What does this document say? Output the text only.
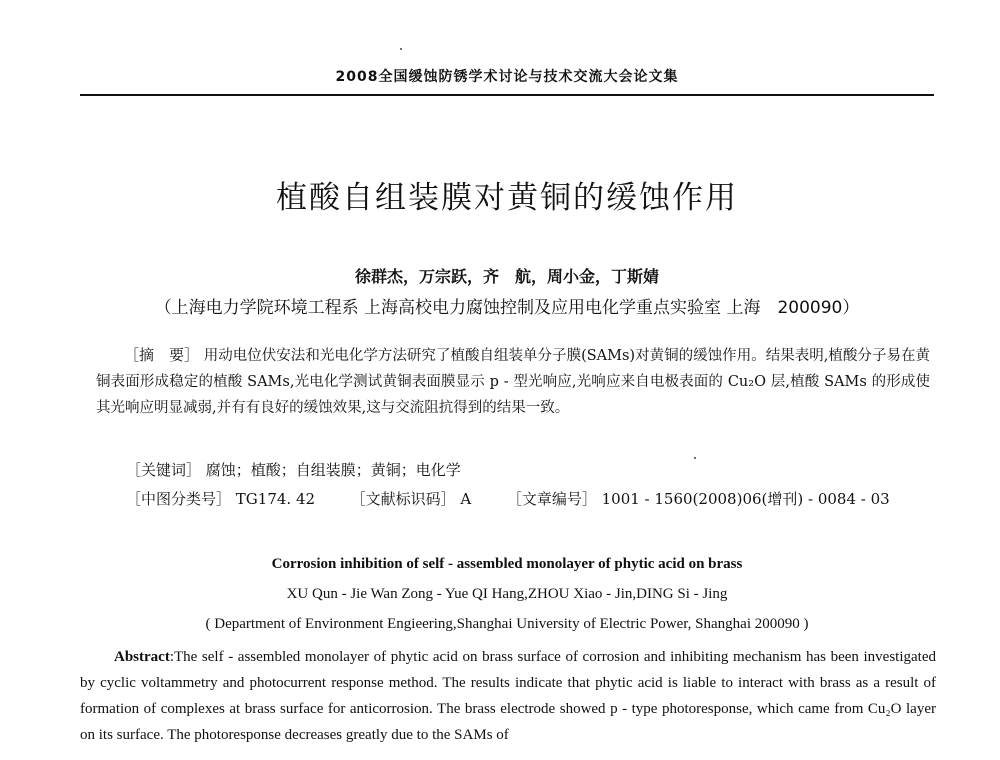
2008全国缓蚀防锈学术讨论与技术交流大会论文集
植酸自组装膜对黄铜的缓蚀作用
徐群杰，万宗跃，齐　航，周小金，丁斯婧
（上海电力学院环境工程系 上海高校电力腐蚀控制及应用电化学重点实验室 上海　200090）
［摘　要］ 用动电位伏安法和光电化学方法研究了植酸自组装单分子膜(SAMs)对黄铜的缓蚀作用。结果表明,植酸分子易在黄铜表面形成稳定的植酸 SAMs,光电化学测试黄铜表面膜显示 p - 型光响应,光响应来自电极表面的 Cu₂O 层,植酸 SAMs 的形成使其光响应明显减弱,并有有良好的缓蚀效果,这与交流阻抗得到的结果一致。
［关键词］ 腐蚀；植酸；自组装膜；黄铜；电化学
［中图分类号］ TG174. 42 ［文献标识码］ A ［文章编号］ 1001 - 1560(2008)06(增刊) - 0084 - 03
Corrosion inhibition of self - assembled monolayer of phytic acid on brass
XU Qun - Jie Wan Zong - Yue QI Hang,ZHOU Xiao - Jin,DING Si - Jing
( Department of Environment Engieering,Shanghai University of Electric Power, Shanghai 200090 )
Abstract:The self - assembled monolayer of phytic acid on brass surface of corrosion and inhibiting mechanism has been investigated by cyclic voltammetry and photocurrent response method. The results indicate that phytic acid is liable to interact with brass as a result of formation of complexes at brass surface for anticorrosion. The brass electrode showed p - type photoresponse, which came from Cu₂O layer on its surface. The photoresponse decreases greatly due to the SAMs of
